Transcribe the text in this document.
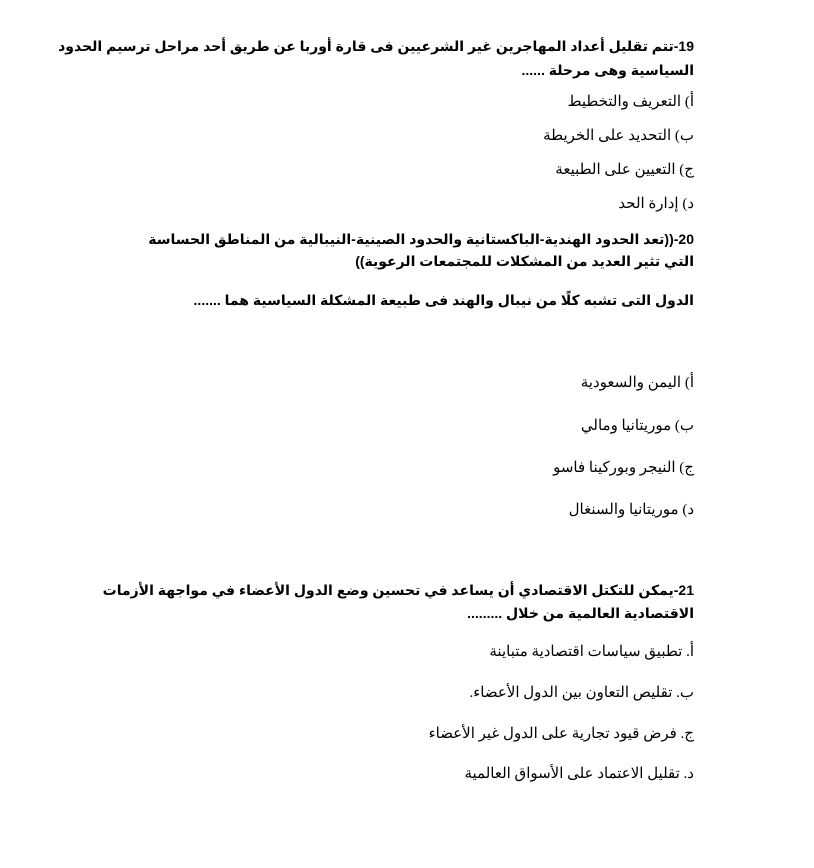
19-تتم تقليل أعداد المهاجرين غير الشرعيين فى قارة أوربا عن طريق أحد مراحل ترسيم الحدود
السياسية وهى مرحلة ......
أ) التعريف والتخطيط
ب) التحديد على الخريطة
ج) التعيين على الطبيعة
د) إدارة الحد
20-((تعد الحدود الهندية-الباكستانية والحدود الصينية-النيبالية من المناطق الحساسة
التي تثير العديد من المشكلات للمجتمعات الرعوية))
الدول التى تشبه كلًا من نيبال والهند فى طبيعة المشكلة السياسية هما .......
أ) اليمن والسعودية
ب) موريتانيا ومالي
ج) النيجر وبوركينا فاسو
د) موريتانيا والسنغال
21-يمكن للتكتل الاقتصادي أن يساعد في تحسين وضع الدول الأعضاء في مواجهة الأزمات
الاقتصادية العالمية من خلال .........
أ. تطبيق سياسات اقتصادية متباينة
ب. تقليص التعاون بين الدول الأعضاء.
ج. فرض قيود تجارية على الدول غير الأعضاء
د. تقليل الاعتماد على الأسواق العالمية
